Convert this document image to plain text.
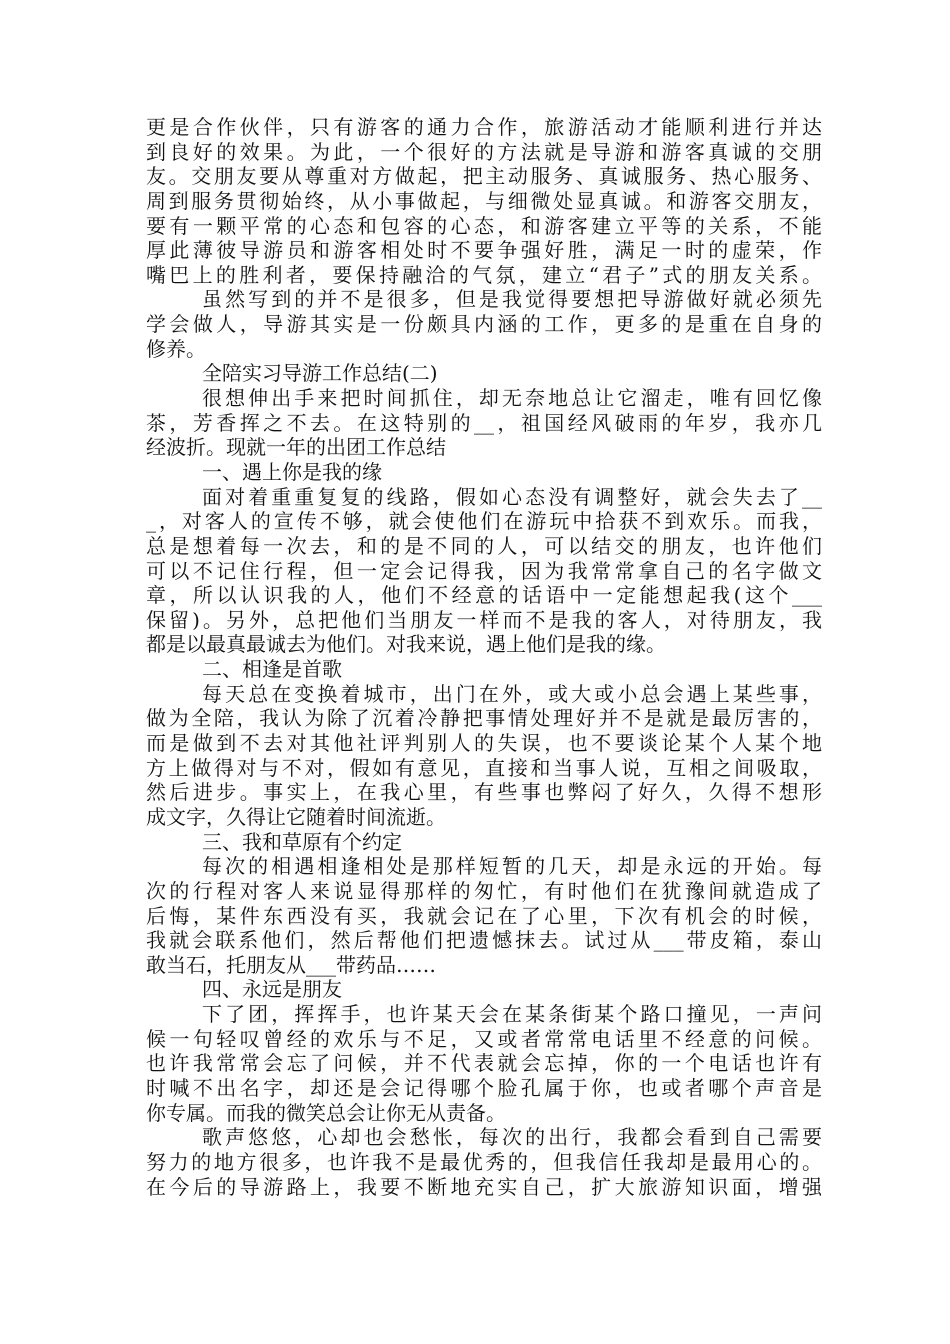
更是合作伙伴，只有游客的通力合作，旅游活动才能顺利进行并达
到良好的效果。为此，一个很好的方法就是导游和游客真诚的交朋
友。交朋友要从尊重对方做起，把主动服务、真诚服务、热心服务、
周到服务贯彻始终，从小事做起，与细微处显真诚。和游客交朋友，
要有一颗平常的心态和包容的心态，和游客建立平等的关系，不能
厚此薄彼导游员和游客相处时不要争强好胜，满足一时的虚荣，作
嘴巴上的胜利者，要保持融洽的气氛，建立“君子”式的朋友关系。
虽然写到的并不是很多，但是我觉得要想把导游做好就必须先
学会做人，导游其实是一份颇具内涵的工作，更多的是重在自身的
修养。
全陪实习导游工作总结(二)
很想伸出手来把时间抓住，却无奈地总让它溜走，唯有回忆像
茶，芳香挥之不去。在这特别的__，祖国经风破雨的年岁，我亦几
经波折。现就一年的出团工作总结
一、遇上你是我的缘
面对着重重复复的线路，假如心态没有调整好，就会失去了__
_，对客人的宣传不够，就会使他们在游玩中拾获不到欢乐。而我，
总是想着每一次去，和的是不同的人，可以结交的朋友，也许他们
可以不记住行程，但一定会记得我，因为我常常拿自己的名字做文
章，所以认识我的人，他们不经意的话语中一定能想起我(这个___
保留)。另外，总把他们当朋友一样而不是我的客人，对待朋友，我
都是以最真最诚去为他们。对我来说，遇上他们是我的缘。
二、相逢是首歌
每天总在变换着城市，出门在外，或大或小总会遇上某些事，
做为全陪，我认为除了沉着冷静把事情处理好并不是就是最厉害的，
而是做到不去对其他社评判别人的失误，也不要谈论某个人某个地
方上做得对与不对，假如有意见，直接和当事人说，互相之间吸取，
然后进步。事实上，在我心里，有些事也弊闷了好久，久得不想形
成文字，久得让它随着时间流逝。
三、我和草原有个约定
每次的相遇相逢相处是那样短暂的几天，却是永远的开始。每
次的行程对客人来说显得那样的匆忙，有时他们在犹豫间就造成了
后悔，某件东西没有买，我就会记在了心里，下次有机会的时候，
我就会联系他们，然后帮他们把遗憾抹去。试过从___带皮箱，泰山
敢当石，托朋友从___带药品……
四、永远是朋友
下了团，挥挥手，也许某天会在某条街某个路口撞见，一声问
候一句轻叹曾经的欢乐与不足，又或者常常电话里不经意的问候。
也许我常常会忘了问候，并不代表就会忘掉，你的一个电话也许有
时喊不出名字，却还是会记得哪个脸孔属于你，也或者哪个声音是
你专属。而我的微笑总会让你无从责备。
歌声悠悠，心却也会愁怅，每次的出行，我都会看到自己需要
努力的地方很多，也许我不是最优秀的，但我信任我却是最用心的。
在今后的导游路上，我要不断地充实自己，扩大旅游知识面，增强
